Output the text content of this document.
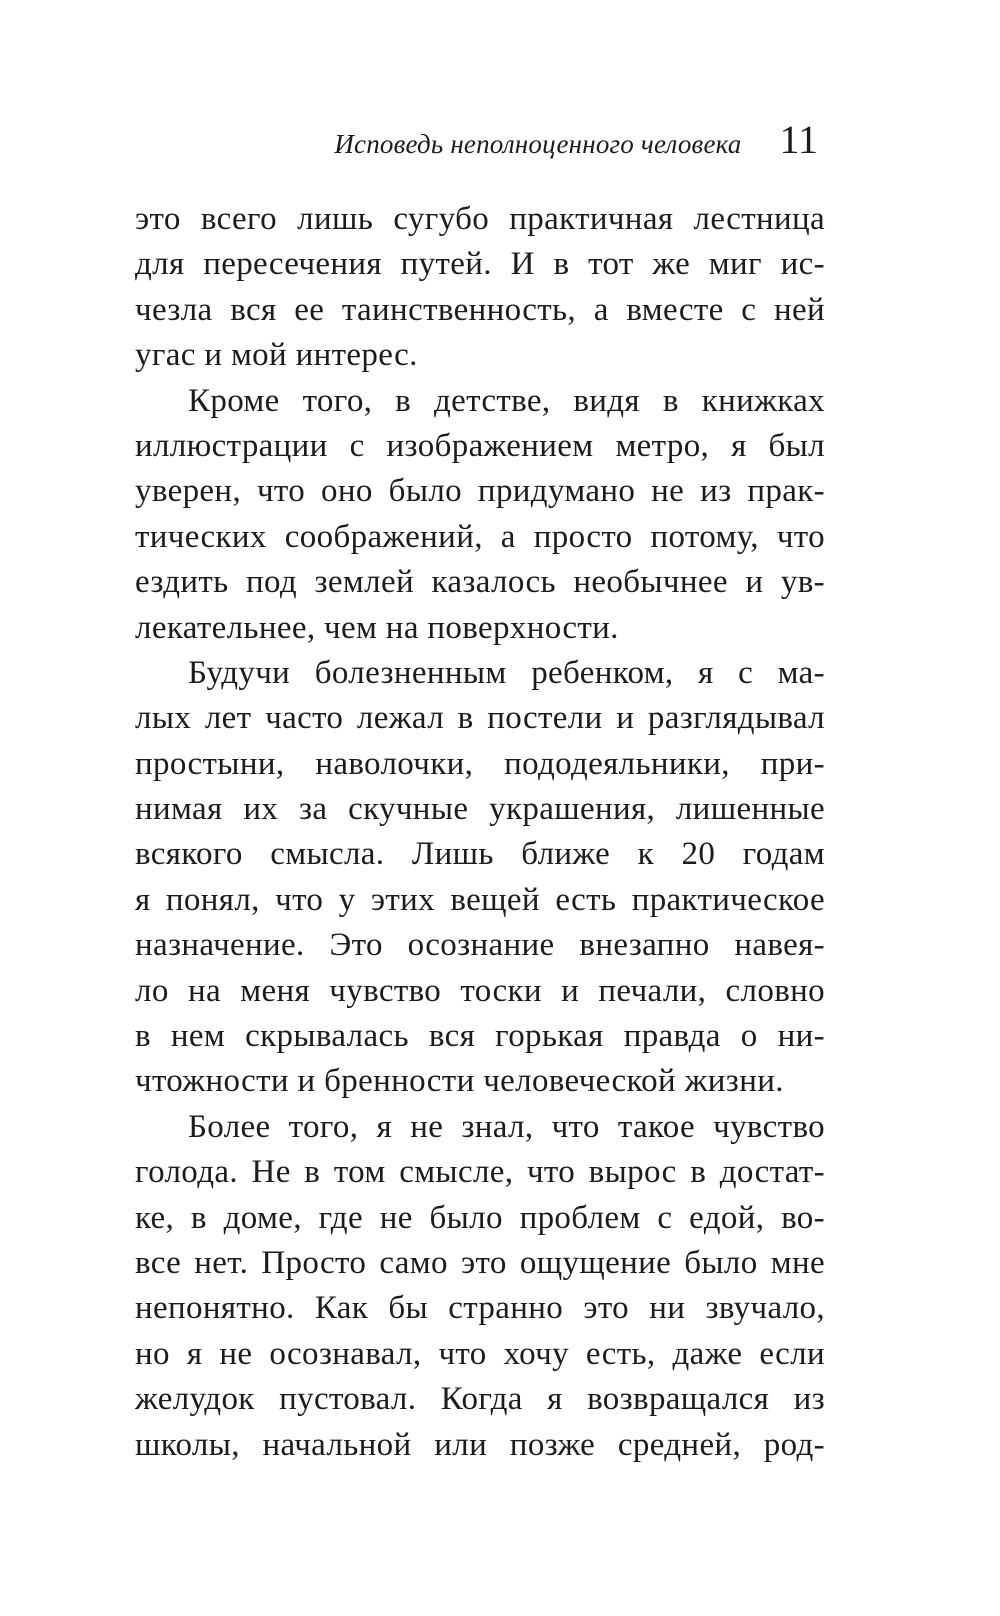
Исповедь неполноценного человека 11
это всего лишь сугубо практичная лестница
для пересечения путей. И в тот же миг ис-
чезла вся ее таинственность, а вместе с ней
угас и мой интерес.
Кроме того, в детстве, видя в книжках
иллюстрации с изображением метро, я был
уверен, что оно было придумано не из прак-
тических соображений, а просто потому, что
ездить под землей казалось необычнее и ув-
лекательнее, чем на поверхности.
Будучи болезненным ребенком, я с ма-
лых лет часто лежал в постели и разглядывал
простыни, наволочки, пододеяльники, при-
нимая их за скучные украшения, лишенные
всякого смысла. Лишь ближе к 20 годам
я понял, что у этих вещей есть практическое
назначение. Это осознание внезапно навея-
ло на меня чувство тоски и печали, словно
в нем скрывалась вся горькая правда о ни-
чтожности и бренности человеческой жизни.
Более того, я не знал, что такое чувство
голода. Не в том смысле, что вырос в достат-
ке, в доме, где не было проблем с едой, во-
все нет. Просто само это ощущение было мне
непонятно. Как бы странно это ни звучало,
но я не осознавал, что хочу есть, даже если
желудок пустовал. Когда я возвращался из
школы, начальной или позже средней, род-
